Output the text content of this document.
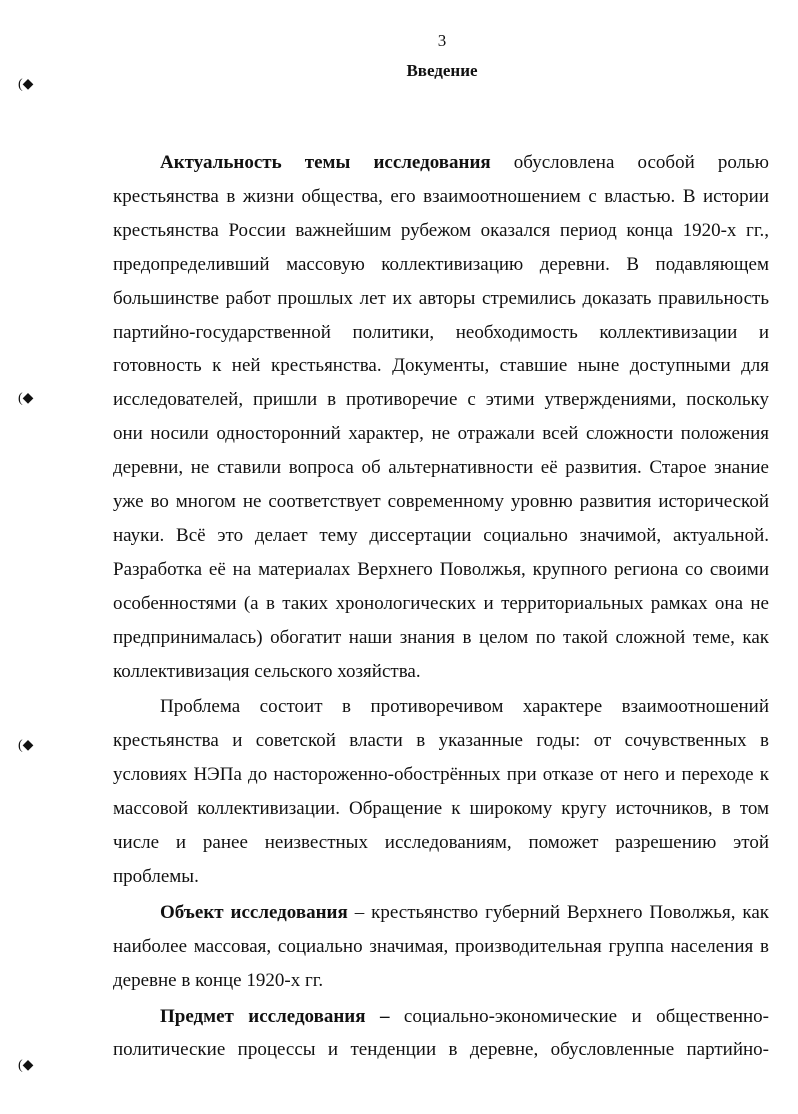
3
Введение
(◆
(◆
(◆
(◆
Актуальность темы исследования обусловлена особой ролью
крестьянства в жизни общества, его взаимоотношением с властью. В истории
крестьянства России важнейшим рубежом оказался период конца 1920-х гг.,
предопределивший массовую коллективизацию деревни. В подавляющем
большинстве работ прошлых лет их авторы стремились доказать правильность
партийно-государственной политики, необходимость коллективизации и
готовность к ней крестьянства. Документы, ставшие ныне доступными для
исследователей, пришли в противоречие с этими утверждениями, поскольку
они носили односторонний характер, не отражали всей сложности положения
деревни, не ставили вопроса об альтернативности её развития. Старое знание
уже во многом не соответствует современному уровню развития исторической
науки. Всё это делает тему диссертации социально значимой, актуальной.
Разработка её на материалах Верхнего Поволжья, крупного региона со своими
особенностями (а в таких хронологических и территориальных рамках она не
предпринималась) обогатит наши знания в целом по такой сложной теме, как
коллективизация сельского хозяйства.
Проблема состоит в противоречивом характере взаимоотношений
крестьянства и советской власти в указанные годы: от сочувственных в
условиях НЭПа до настороженно-обострённых при отказе от него и переходе к
массовой коллективизации. Обращение к широкому кругу источников, в том
числе и ранее неизвестных исследованиям, поможет разрешению этой
проблемы.
Объект исследования – крестьянство губерний Верхнего Поволжья, как
наиболее массовая, социально значимая, производительная группа населения в
деревне в конце 1920-х гг.
Предмет исследования – социально-экономические и общественно-
политические процессы и тенденции в деревне, обусловленные партийно-
